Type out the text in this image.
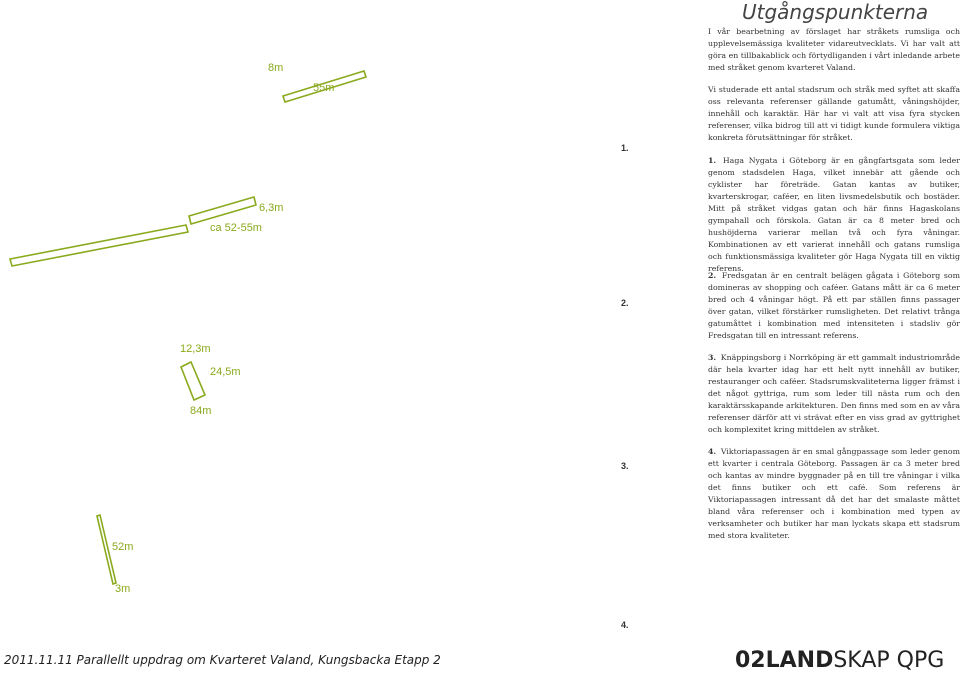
8m
55m
1.
6,3m
ca 52-55m
2.
12,3m
24,5m
84m
3.
52m
3m
4.
Utgångspunkterna
I vår bearbetning av förslaget har stråkets rumsliga och upplevelsemässiga kvaliteter vidareutvecklats. Vi har valt att göra en tillbakablick och förtydliganden i vårt inledande arbete med stråket genom kvarteret Valand.
Vi studerade ett antal stadsrum och stråk med syftet att skaffa oss relevanta referenser gällande gatumått, våningshöjder, innehåll och karaktär. Här har vi valt att visa fyra stycken referenser, vilka bidrog till att vi tidigt kunde formulera viktiga konkreta förutsättningar för stråket.
1. Haga Nygata i Göteborg är en gångfartsgata som leder genom stadsdelen Haga, vilket innebär att gående och cyklister har företräde. Gatan kantas av butiker, kvarterskrogar, caféer, en liten livsmedelsbutik och bostäder. Mitt på stråket vidgas gatan och här finns Hagaskolans gympahall och förskola. Gatan är ca 8 meter bred och hushöjderna varierar mellan två och fyra våningar. Kombinationen av ett varierat innehåll och gatans rumsliga och funktionsmässiga kvaliteter gör Haga Nygata till en viktig referens.
2. Fredsgatan är en centralt belägen gågata i Göteborg som domineras av shopping och caféer. Gatans mått är ca 6 meter bred och 4 våningar högt. På ett par ställen finns passager över gatan, vilket förstärker rumsligheten. Det relativt trånga gatumåttet i kombination med intensiteten i stadsliv gör Fredsgatan till en intressant referens.
3. Knäppingsborg i Norrköping är ett gammalt industriområde där hela kvarter idag har ett helt nytt innehåll av butiker, restauranger och caféer. Stadsrumskvaliteterna ligger främst i det något gyttriga, rum som leder till nästa rum och den karaktärsskapande arkitekturen. Den finns med som en av våra referenser därför att vi strävat efter en viss grad av gyttrighet och komplexitet kring mittdelen av stråket.
4. Viktoriapassagen är en smal gångpassage som leder genom ett kvarter i centrala Göteborg. Passagen är ca 3 meter bred och kantas av mindre byggnader på en till tre våningar i vilka det finns butiker och ett café. Som referens är Viktoriapassagen intressant då det har det smalaste måttet bland våra referenser och i kombination med typen av verksamheter och butiker har man lyckats skapa ett stadsrum med stora kvaliteter.
2011.11.11 Parallellt uppdrag om Kvarteret Valand, Kungsbacka Etapp 2	02LANDSKAP QPG
